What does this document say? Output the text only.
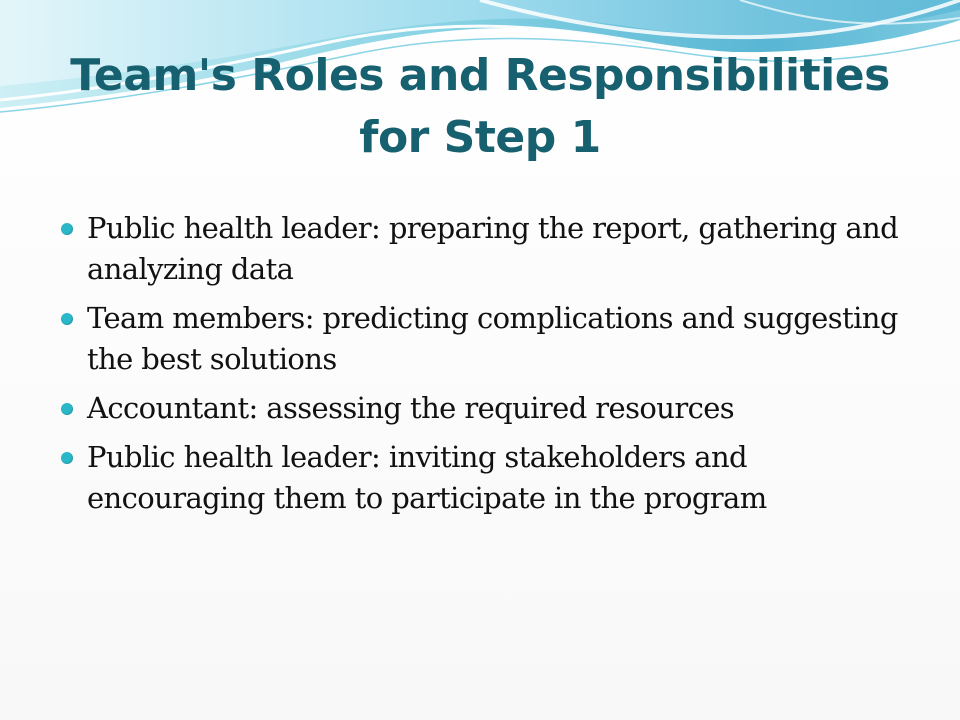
Team's Roles and Responsibilities for Step 1
Public health leader: preparing the report, gathering and analyzing data
Team members: predicting complications and suggesting the best solutions
Accountant: assessing the required resources
Public health leader: inviting stakeholders and encouraging them to participate in the program
